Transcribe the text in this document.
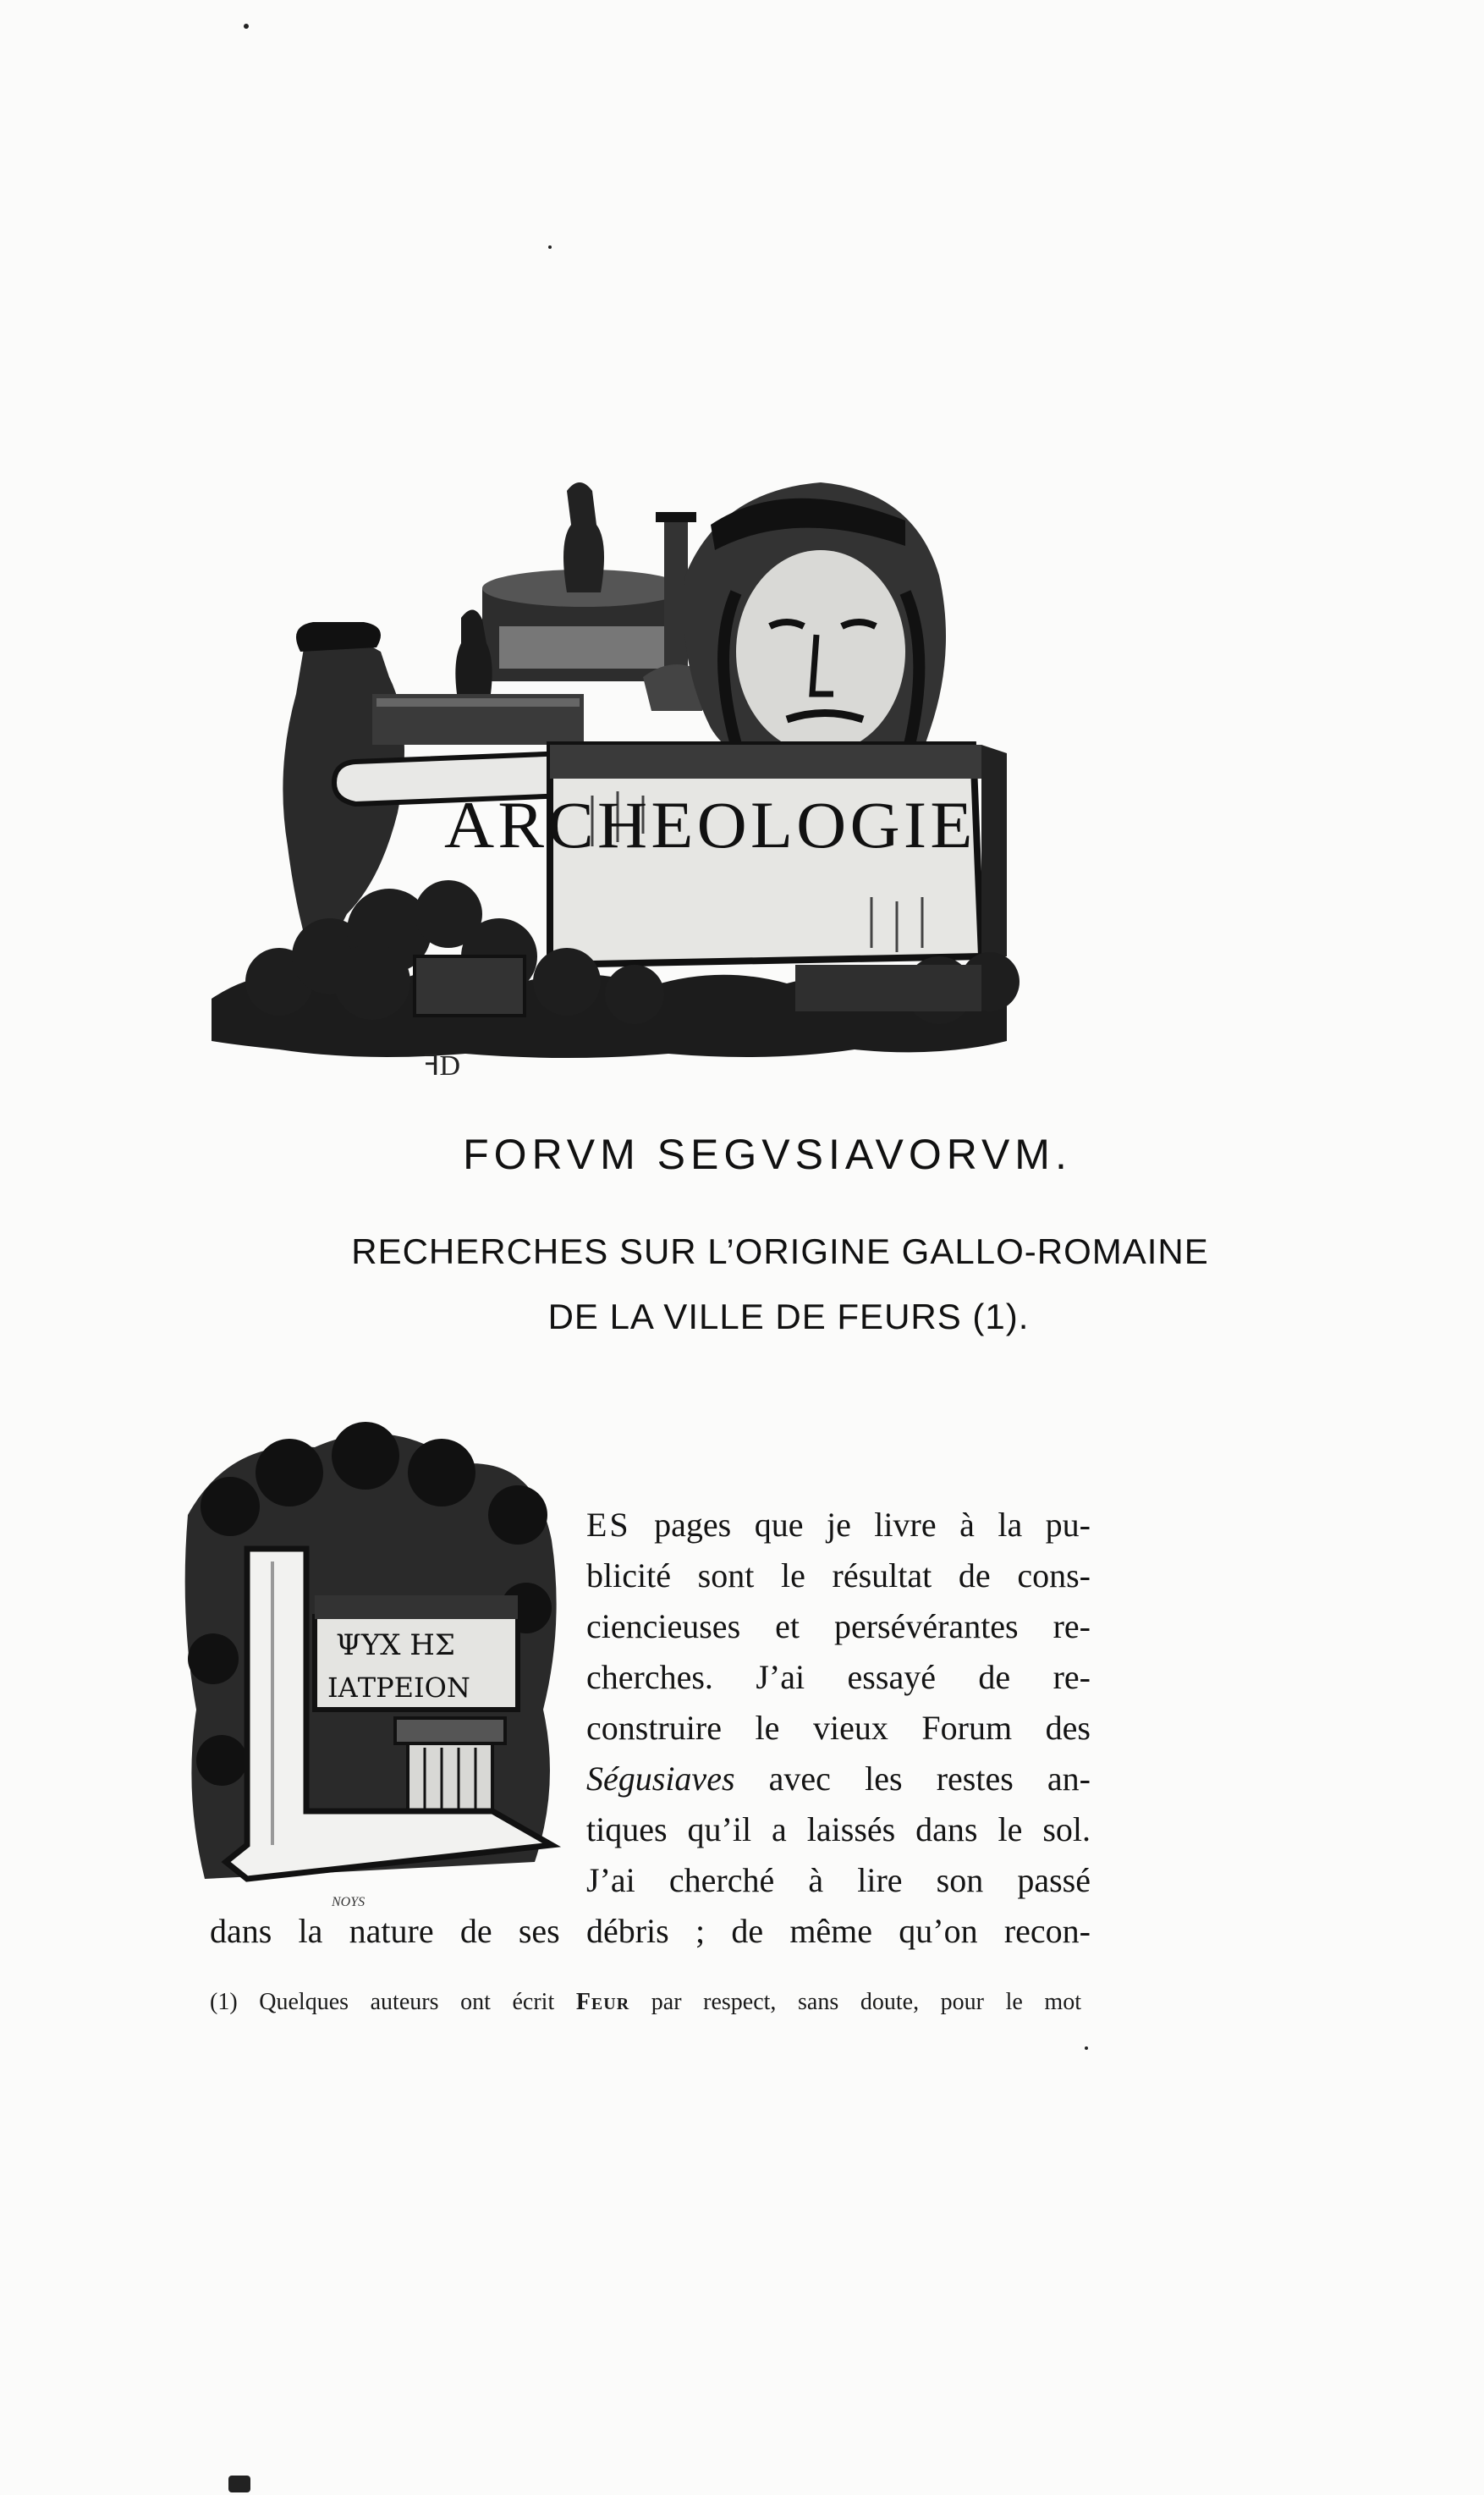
ꟻD
ARCHEOLOGIE
FORVM SEGVSIAVORVM.
RECHERCHES SUR L’ORIGINE GALLO-ROMAINE
DE LA VILLE DE FEURS (1).
ΨΥΧ ΗΣ
ΙΑΤΡΕΙΟΝ
NOYS
ES pages que je livre à la pu-
blicité sont le résultat de cons-
ciencieuses et persévérantes re-
cherches. J’ai essayé de re-
construire le vieux Forum des
Ségusiaves avec les restes an-
tiques qu’il a laissés dans le sol.
J’ai cherché à lire son passé
dans la nature de ses débris ; de même qu’on recon-
(1) Quelques auteurs ont écrit Feur par respect, sans doute, pour le mot
